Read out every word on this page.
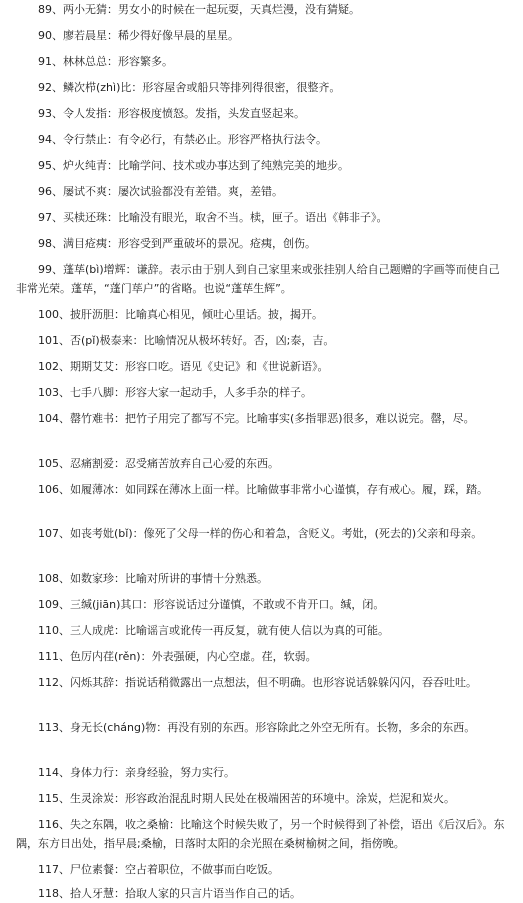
89、两小无猜：男女小的时候在一起玩耍，天真烂漫，没有猜疑。
90、廖若晨星：稀少得好像早晨的星星。
91、林林总总：形容繁多。
92、鳞次栉(zhì)比：形容屋舍或船只等排列得很密，很整齐。
93、令人发指：形容极度愤怒。发指，头发直竖起来。
94、令行禁止：有令必行，有禁必止。形容严格执行法令。
95、炉火纯青：比喻学问、技术或办事达到了纯熟完美的地步。
96、屡试不爽：屡次试验都没有差错。爽，差错。
97、买椟还珠：比喻没有眼光，取舍不当。椟，匣子。语出《韩非子》。
98、满目疮痍：形容受到严重破坏的景况。疮痍，创伤。
99、蓬荜(bì)增辉：谦辞。表示由于别人到自己家里来或张挂别人给自己题赠的字画等而使自己非常光荣。蓬荜，“蓬门荜户”的省略。也说“蓬荜生辉”。
100、披肝沥胆：比喻真心相见，倾吐心里话。披，揭开。
101、否(pǐ)极泰来：比喻情况从极坏转好。否，凶;泰，吉。
102、期期艾艾：形容口吃。语见《史记》和《世说新语》。
103、七手八脚：形容大家一起动手，人多手杂的样子。
104、罄竹难书：把竹子用完了都写不完。比喻事实(多指罪恶)很多，难以说完。罄，尽。
105、忍痛割爱：忍受痛苦放弃自己心爱的东西。
106、如履薄冰：如同踩在薄冰上面一样。比喻做事非常小心谨慎，存有戒心。履，踩，踏。
107、如丧考妣(bǐ)：像死了父母一样的伤心和着急，含贬义。考妣，(死去的)父亲和母亲。
108、如数家珍：比喻对所讲的事情十分熟悉。
109、三缄(jiān)其口：形容说话过分谨慎，不敢或不肯开口。缄，闭。
110、三人成虎：比喻谣言或讹传一再反复，就有使人信以为真的可能。
111、色厉内荏(rěn)：外表强硬，内心空虚。荏，软弱。
112、闪烁其辞：指说话稍微露出一点想法，但不明确。也形容说话躲躲闪闪，吞吞吐吐。
113、身无长(cháng)物：再没有别的东西。形容除此之外空无所有。长物，多余的东西。
114、身体力行：亲身经验，努力实行。
115、生灵涂炭：形容政治混乱时期人民处在极端困苦的环境中。涂炭，烂泥和炭火。
116、失之东隅，收之桑榆：比喻这个时候失败了，另一个时候得到了补偿，语出《后汉后》。东隅，东方日出处，指早晨;桑榆，日落时太阳的余光照在桑树榆树之间，指傍晚。
117、尸位素餐：空占着职位，不做事而白吃饭。
118、拾人牙慧：拾取人家的只言片语当作自己的话。
